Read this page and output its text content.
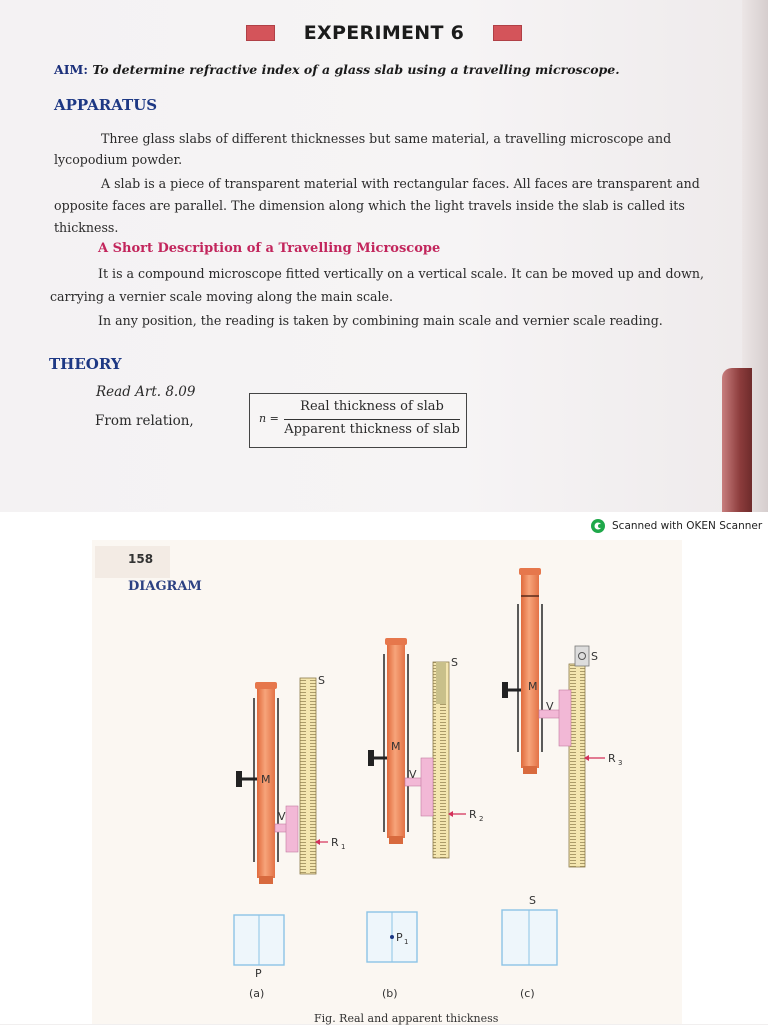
EXPERIMENT 6
AIM: To determine refractive index of a glass slab using a travelling microscope.
APPARATUS
Three glass slabs of different thicknesses but same material, a travelling microscope and
lycopodium powder.
A slab is a piece of transparent material with rectangular faces. All faces are transparent and
opposite faces are parallel. The dimension along which the light travels inside the slab is called its
thickness.
A Short Description of a Travelling Microscope
It is a compound microscope fitted vertically on a vertical scale. It can be moved up and down,
carrying a vernier scale moving along the main scale.
In any position, the reading is taken by combining main scale and vernier scale reading.
THEORY
Read Art. 8.09
From relation,	n =
Real thickness of slab
Apparent thickness of slab
Scanned with OKEN Scanner
158
DIAGRAM
S
M
V
R 1
S
M
V
R 2
S
M
V
R 3
P
(a)
P 1
(b)
S
(c)
Fig. Real and apparent thickness
